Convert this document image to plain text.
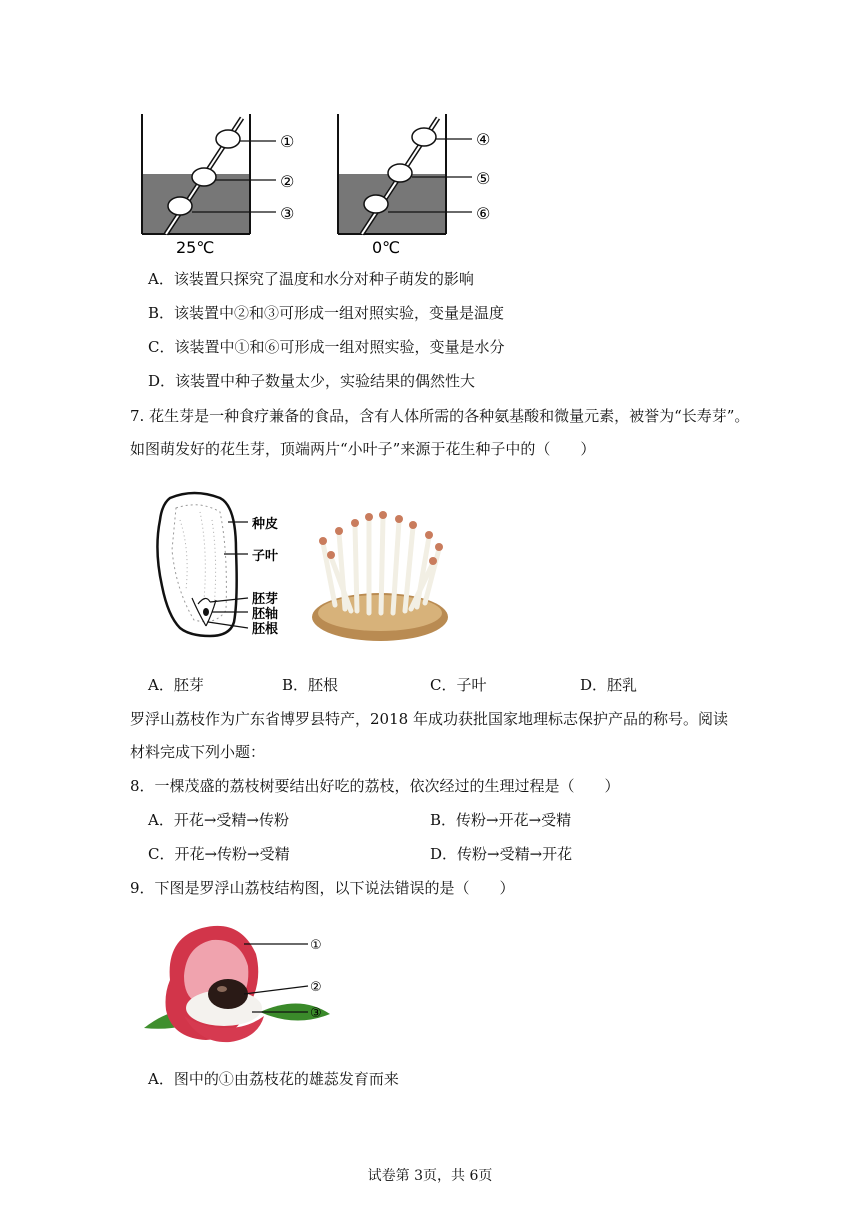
①
②
③
25℃
④
⑤
⑥
0℃
A．该装置只探究了温度和水分对种子萌发的影响
B．该装置中②和③可形成一组对照实验，变量是温度
C．该装置中①和⑥可形成一组对照实验，变量是水分
D．该装置中种子数量太少，实验结果的偶然性大
7. 花生芽是一种食疗兼备的食品，含有人体所需的各种氨基酸和微量元素，被誉为“长寿芽”。
如图萌发好的花生芽，顶端两片“小叶子”来源于花生种子中的（　　）
种皮
子叶
胚芽
胚轴
胚根
A．胚芽	B．胚根	C．子叶	D．胚乳
罗浮山荔枝作为广东省博罗县特产，2018 年成功获批国家地理标志保护产品的称号。阅读
材料完成下列小题：
8．一棵茂盛的荔枝树要结出好吃的荔枝，依次经过的生理过程是（　　）
A．开花→受精→传粉	B．传粉→开花→受精
C．开花→传粉→受精	D．传粉→受精→开花
9．下图是罗浮山荔枝结构图，以下说法错误的是（　　）
①
②
③
A．图中的①由荔枝花的雄蕊发育而来
试卷第 3页，共 6页
